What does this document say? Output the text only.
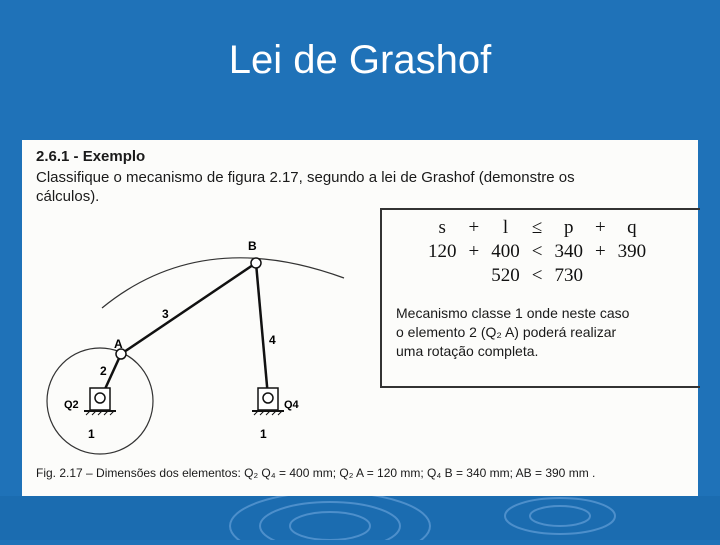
Lei de Grashof
2.6.1 - Exemplo
Classifique o mecanismo de figura 2.17, segundo a lei de Grashof (demonstre os
cálculos).
A
B
2
3
4
Q2	Q4
1	1
s	+	l	≤	p	+	q
120	+	400	<	340	+	390
		520	<	730		
Mecanismo classe 1 onde neste caso
o elemento 2 (Q₂ A) poderá realizar
uma rotação completa.
Fig. 2.17 – Dimensões dos elementos: Q₂ Q₄ = 400 mm; Q₂ A = 120 mm; Q₄ B = 340 mm; AB = 390 mm .
